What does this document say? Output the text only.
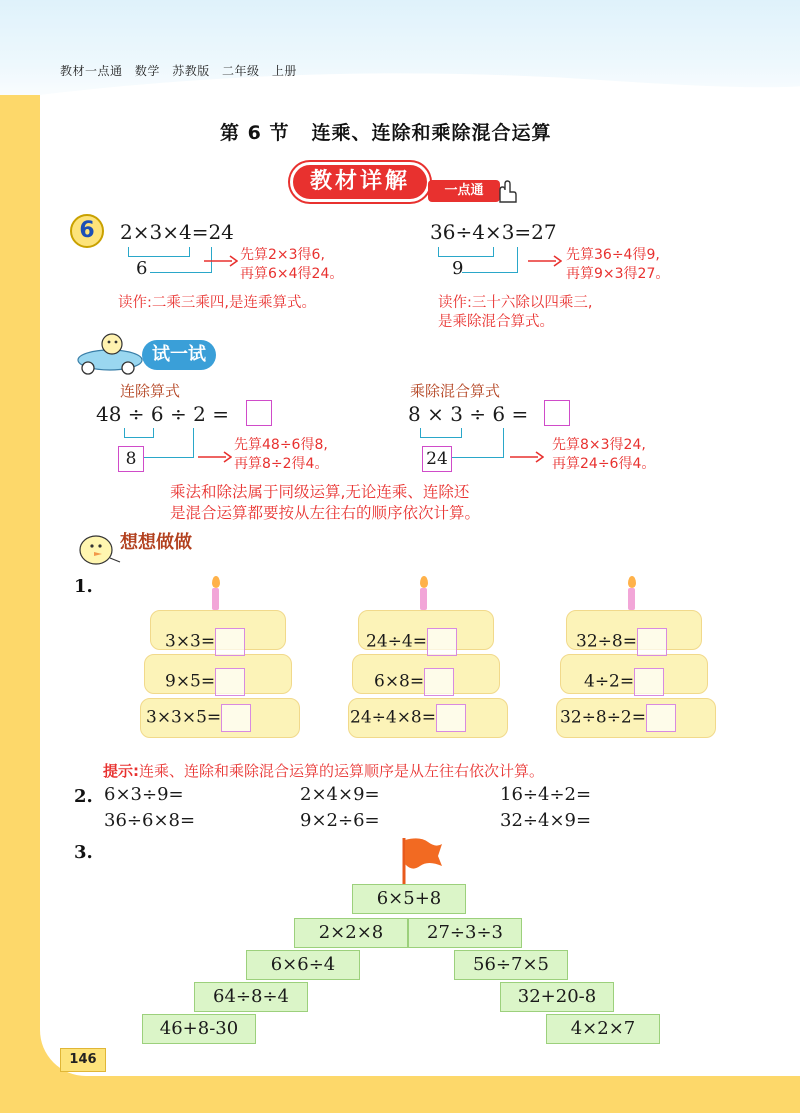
教材一点通 数学 苏教版 二年级 上册
第 6 节 连乘、连除和乘除混合运算
教材详解	一点通
6	2×3×4=24
6
先算2×3得6,
再算6×4得24。
读作:二乘三乘四,是连乘算式。
36÷4×3=27
9
先算36÷4得9,
再算9×3得27。
读作:三十六除以四乘三,
是乘除混合算式。
试一试
连除算式
48 ÷ 6 ÷ 2 =
8
先算48÷6得8,
再算8÷2得4。
乘除混合算式
8 × 3 ÷ 6 =
24
先算8×3得24,
再算24÷6得4。
乘法和除法属于同级运算,无论连乘、连除还
是混合运算都要按从左往右的顺序依次计算。
想想做做
1.
3×3=
9×5=
3×3×5=
24÷4=
6×8=
24÷4×8=
32÷8=
4÷2=
32÷8÷2=
提示:连乘、连除和乘除混合运算的运算顺序是从左往右依次计算。
2. 6×3÷9=	2×4×9=	16÷4÷2=
36÷6×8=	9×2÷6=	32÷4×9=
3.
6×5+8
2×2×8
6×6÷4
64÷8÷4
46+8-30
27÷3÷3
56÷7×5
32+20-8
4×2×7
146
